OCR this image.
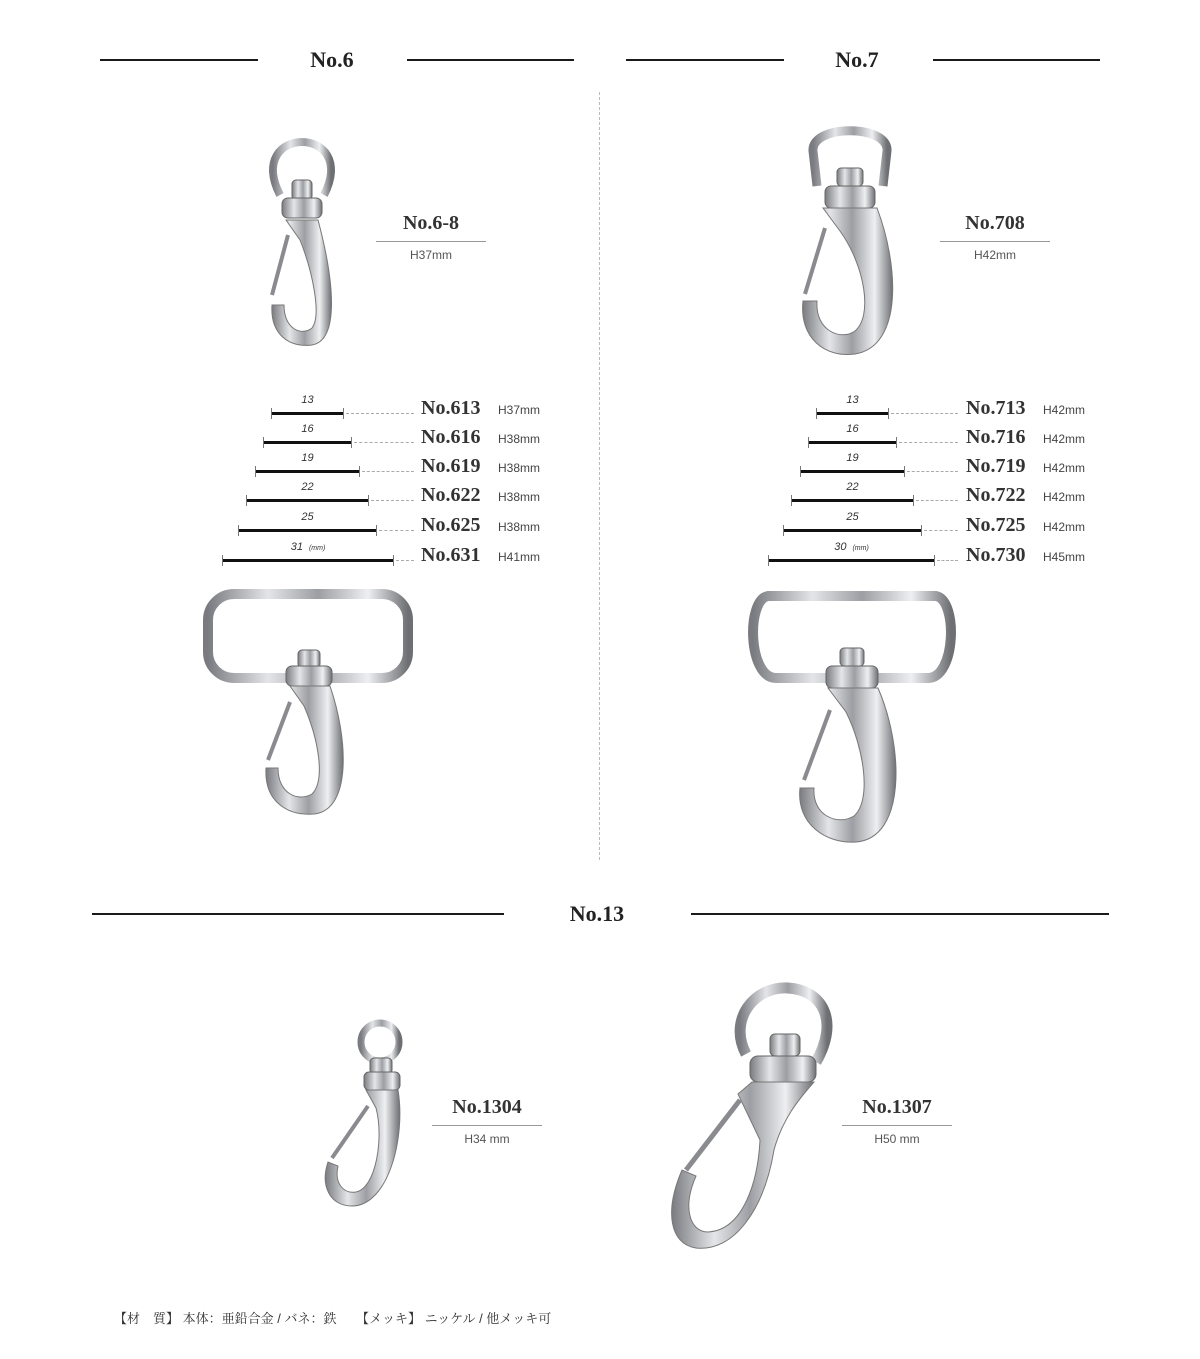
No.6	No.7
No.6-8
H37mm
No.708
H42mm
13	No.613 H37mm
16	No.616 H38mm
19	No.619 H38mm
22	No.622 H38mm
25	No.625 H38mm
31 (mm)	No.631 H41mm
13	No.713 H42mm
16	No.716 H42mm
19	No.719 H42mm
22	No.722 H42mm
25	No.725 H42mm
30 (mm)	No.730 H45mm
No.13
No.1304
H34 mm
No.1307
H50 mm
【材　質】 本体：亜鉛合金 / バネ：鉄　　 【メッキ】 ニッケル / 他メッキ可
